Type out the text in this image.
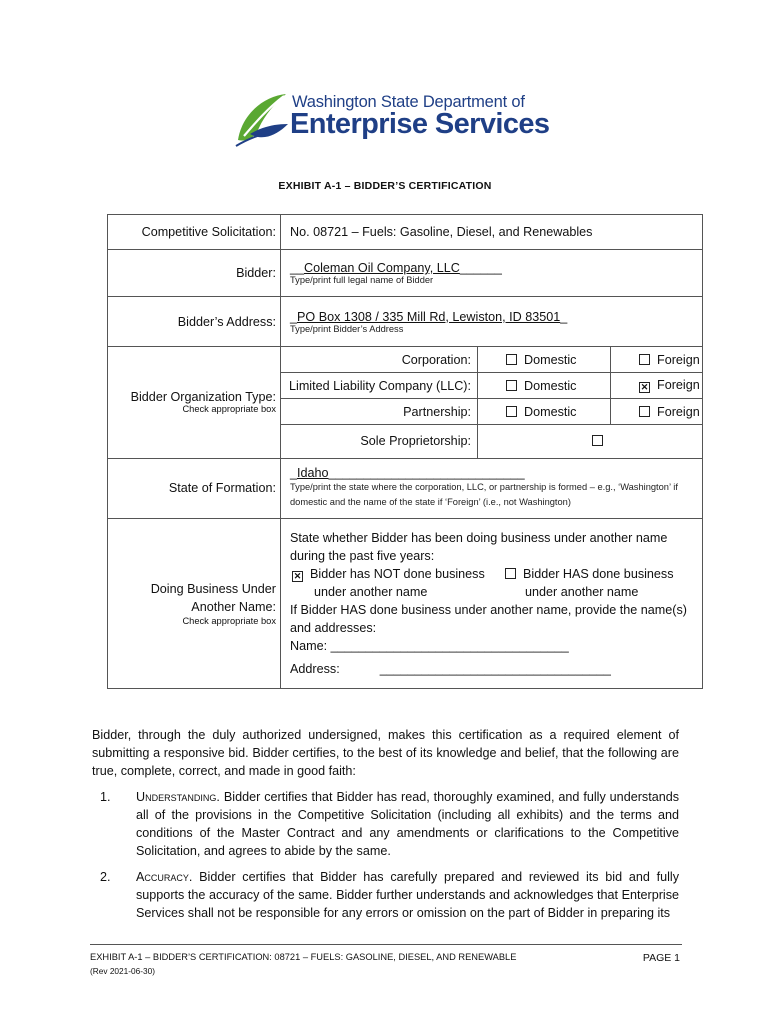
Washington State Department of
Enterprise Services
EXHIBIT A-1 – BIDDER’S CERTIFICATION
Competitive Solicitation:	No. 08721 – Fuels: Gasoline, Diesel, and Renewables
Bidder:	__Coleman Oil Company, LLC______
Type/print full legal name of Bidder

Bidder’s Address:	_PO Box 1308 / 335 Mill Rd, Lewiston, ID 83501_
Type/print Bidder’s Address

Bidder Organization Type:
Check appropriate box

Corporation:	Domestic	Foreign
Limited Liability Company (LLC):	Domestic	✕ Foreign
Partnership:	Domestic	Foreign
Sole Proprietorship:	

State of Formation:	
_Idaho____________________________
Type/print the state where the corporation, LLC, or partnership is formed – e.g., ‘Washington’ if domestic and the name of the state if ‘Foreign’ (i.e., not Washington)

Doing Business Under Another Name:
Check appropriate box

State whether Bidder has been doing business under another name during the past five years:
✕ Bidder has NOT done business
under another name
Bidder HAS done business
under another name
If Bidder HAS done business under another name, provide the name(s) and addresses:
Name: __________________________________
Address:	_________________________________
Bidder, through the duly authorized undersigned, makes this certification as a required element of submitting a responsive bid. Bidder certifies, to the best of its knowledge and belief, that the following are true, complete, correct, and made in good faith:
1. Understanding. Bidder certifies that Bidder has read, thoroughly examined, and fully understands all of the provisions in the Competitive Solicitation (including all exhibits) and the terms and conditions of the Master Contract and any amendments or clarifications to the Competitive Solicitation, and agrees to abide by the same.
2. Accuracy. Bidder certifies that Bidder has carefully prepared and reviewed its bid and fully supports the accuracy of the same. Bidder further understands and acknowledges that Enterprise Services shall not be responsible for any errors or omission on the part of Bidder in preparing its
EXHIBIT A-1 – BIDDER’S CERTIFICATION: 08721 – FUELS: GASOLINE, DIESEL, AND RENEWABLE	PAGE 1
(Rev 2021-06-30)
